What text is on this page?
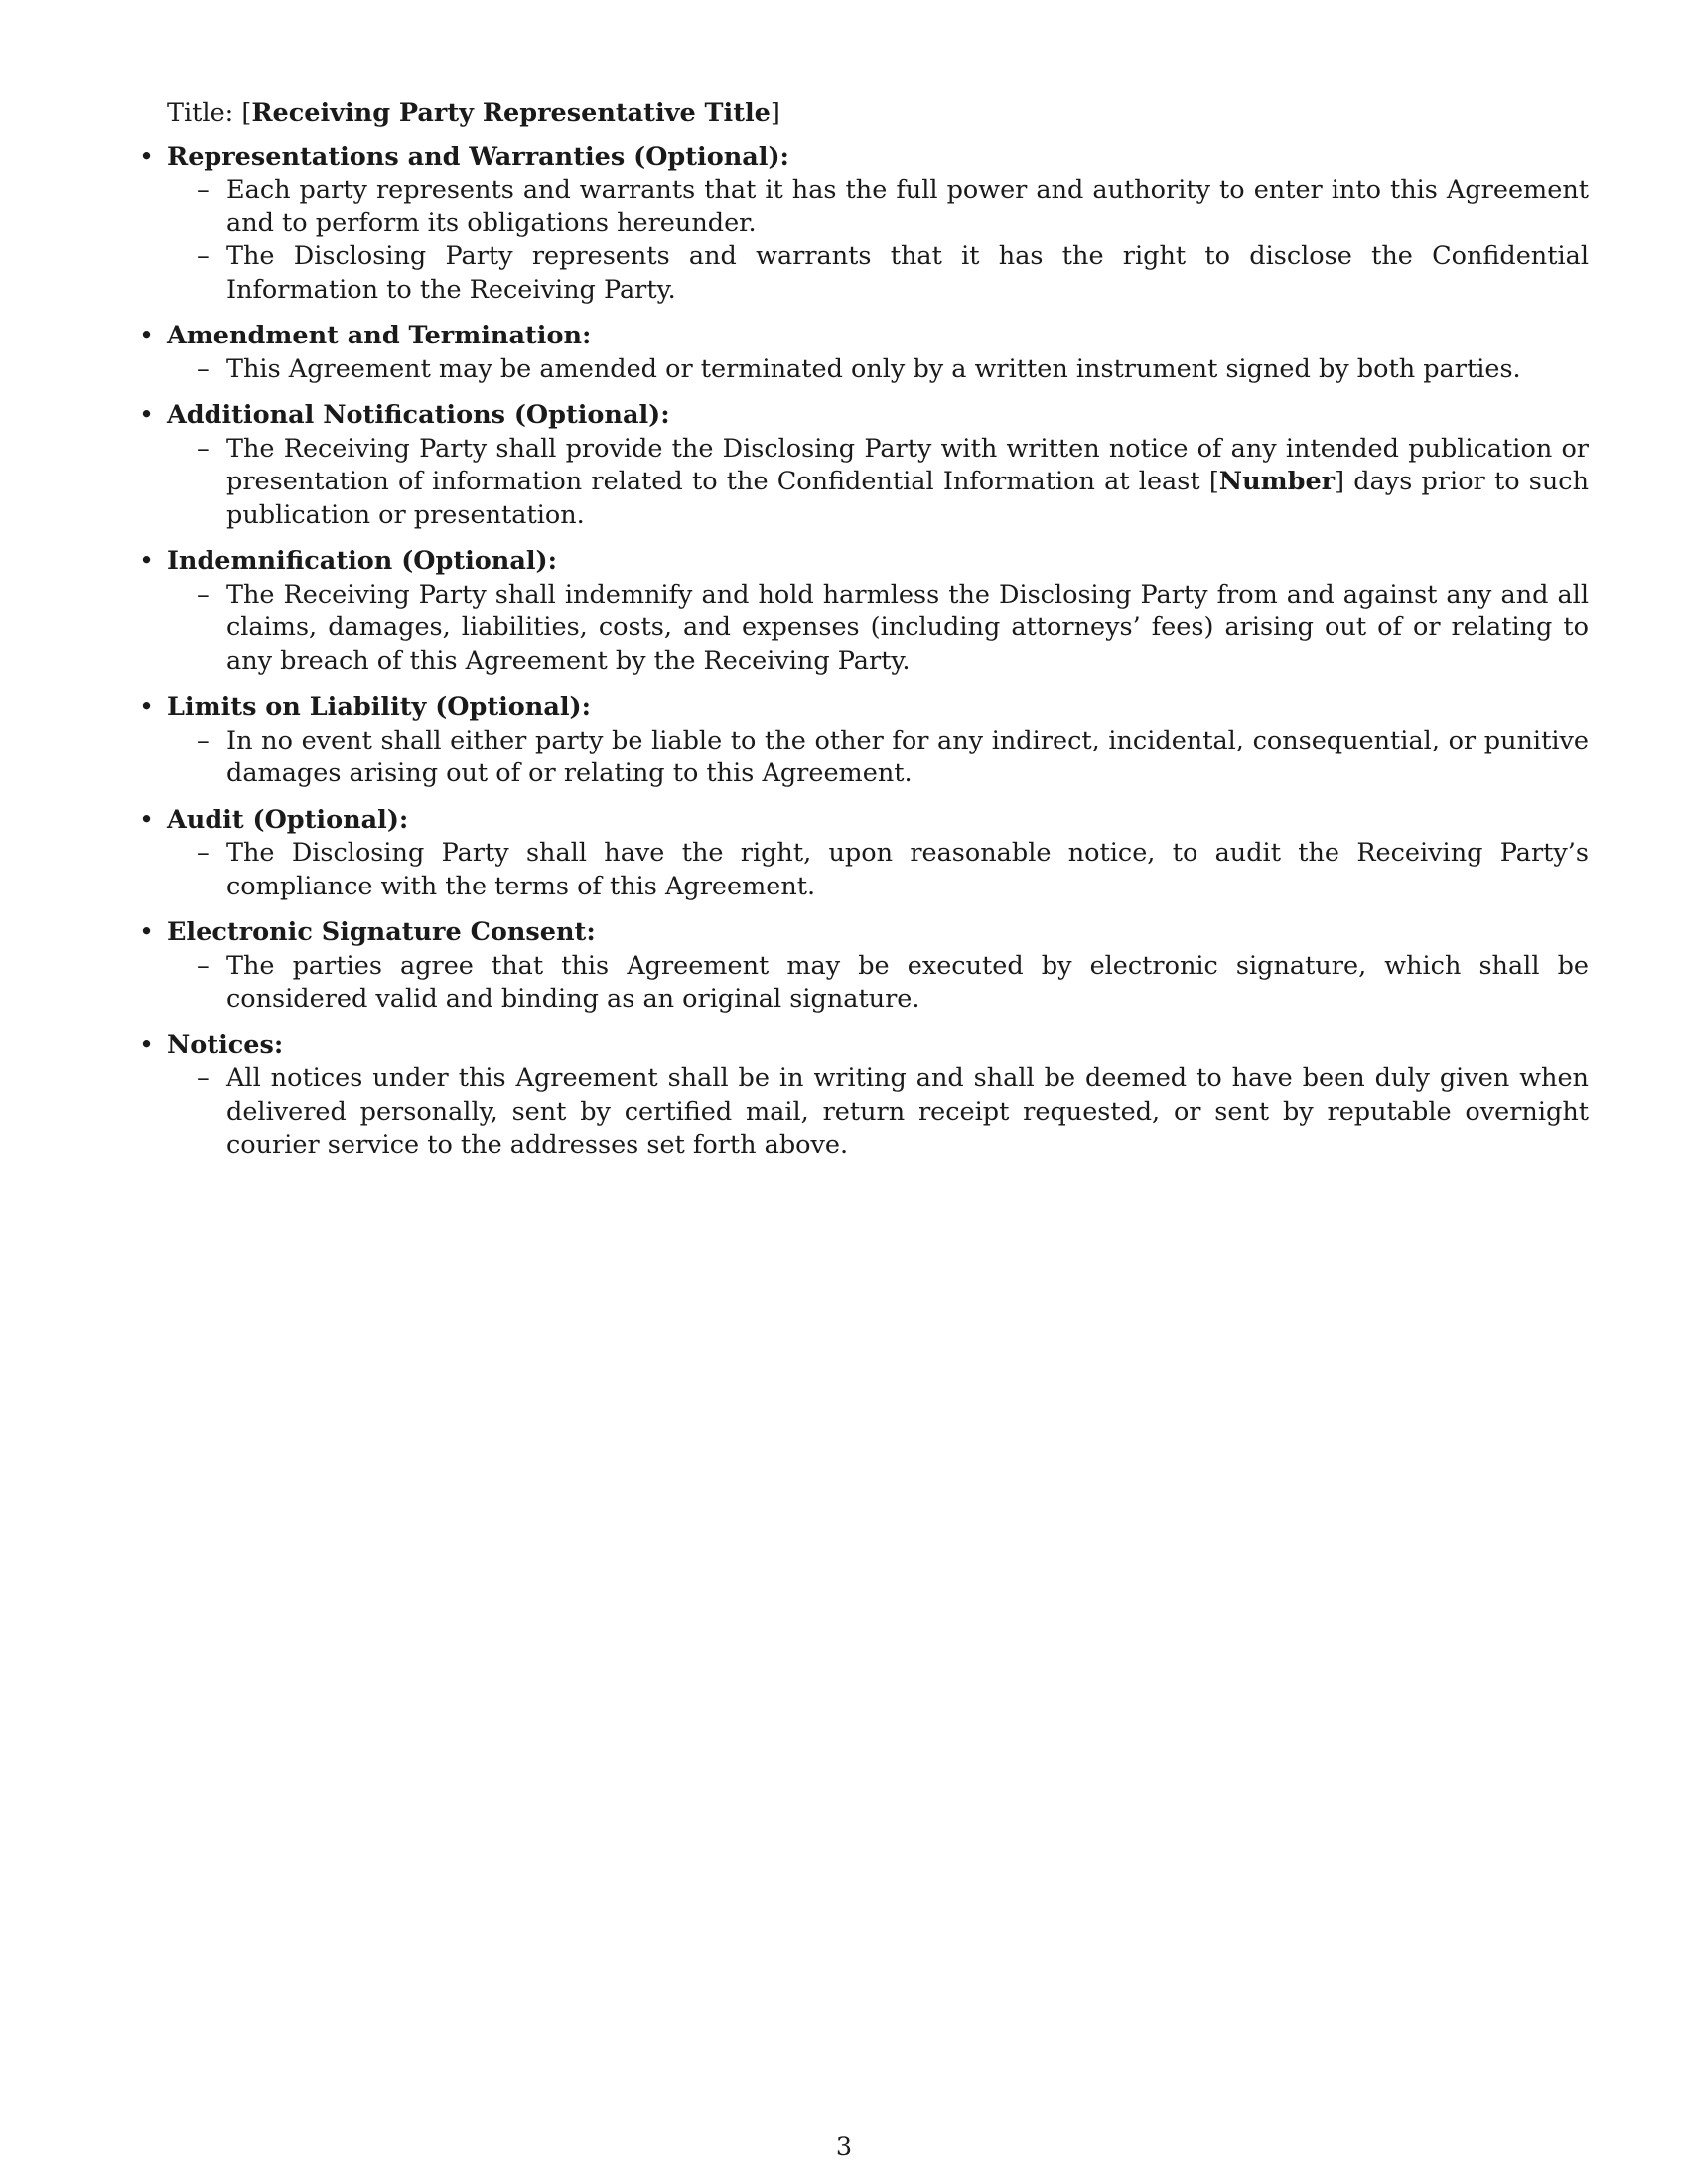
Title: [Receiving Party Representative Title]

• Representations and Warranties (Optional):
– Each party represents and warrants that it has the full power and authority to enter into this Agreement and to perform its obligations hereunder.
– The Disclosing Party represents and warrants that it has the right to disclose the Confidential Information to the Receiving Party.
• Amendment and Termination:
– This Agreement may be amended or terminated only by a written instrument signed by both parties.
• Additional Notifications (Optional):
– The Receiving Party shall provide the Disclosing Party with written notice of any intended publication or presentation of information related to the Confidential Information at least [Number] days prior to such publication or presentation.
• Indemnification (Optional):
– The Receiving Party shall indemnify and hold harmless the Disclosing Party from and against any and all claims, damages, liabilities, costs, and expenses (including attorneys’ fees) arising out of or relating to any breach of this Agreement by the Receiving Party.
• Limits on Liability (Optional):
– In no event shall either party be liable to the other for any indirect, incidental, consequential, or punitive damages arising out of or relating to this Agreement.
• Audit (Optional):
– The Disclosing Party shall have the right, upon reasonable notice, to audit the Receiving Party’s compliance with the terms of this Agreement.
• Electronic Signature Consent:
– The parties agree that this Agreement may be executed by electronic signature, which shall be considered valid and binding as an original signature.
• Notices:
– All notices under this Agreement shall be in writing and shall be deemed to have been duly given when delivered personally, sent by certified mail, return receipt requested, or sent by reputable overnight courier service to the addresses set forth above.
3
